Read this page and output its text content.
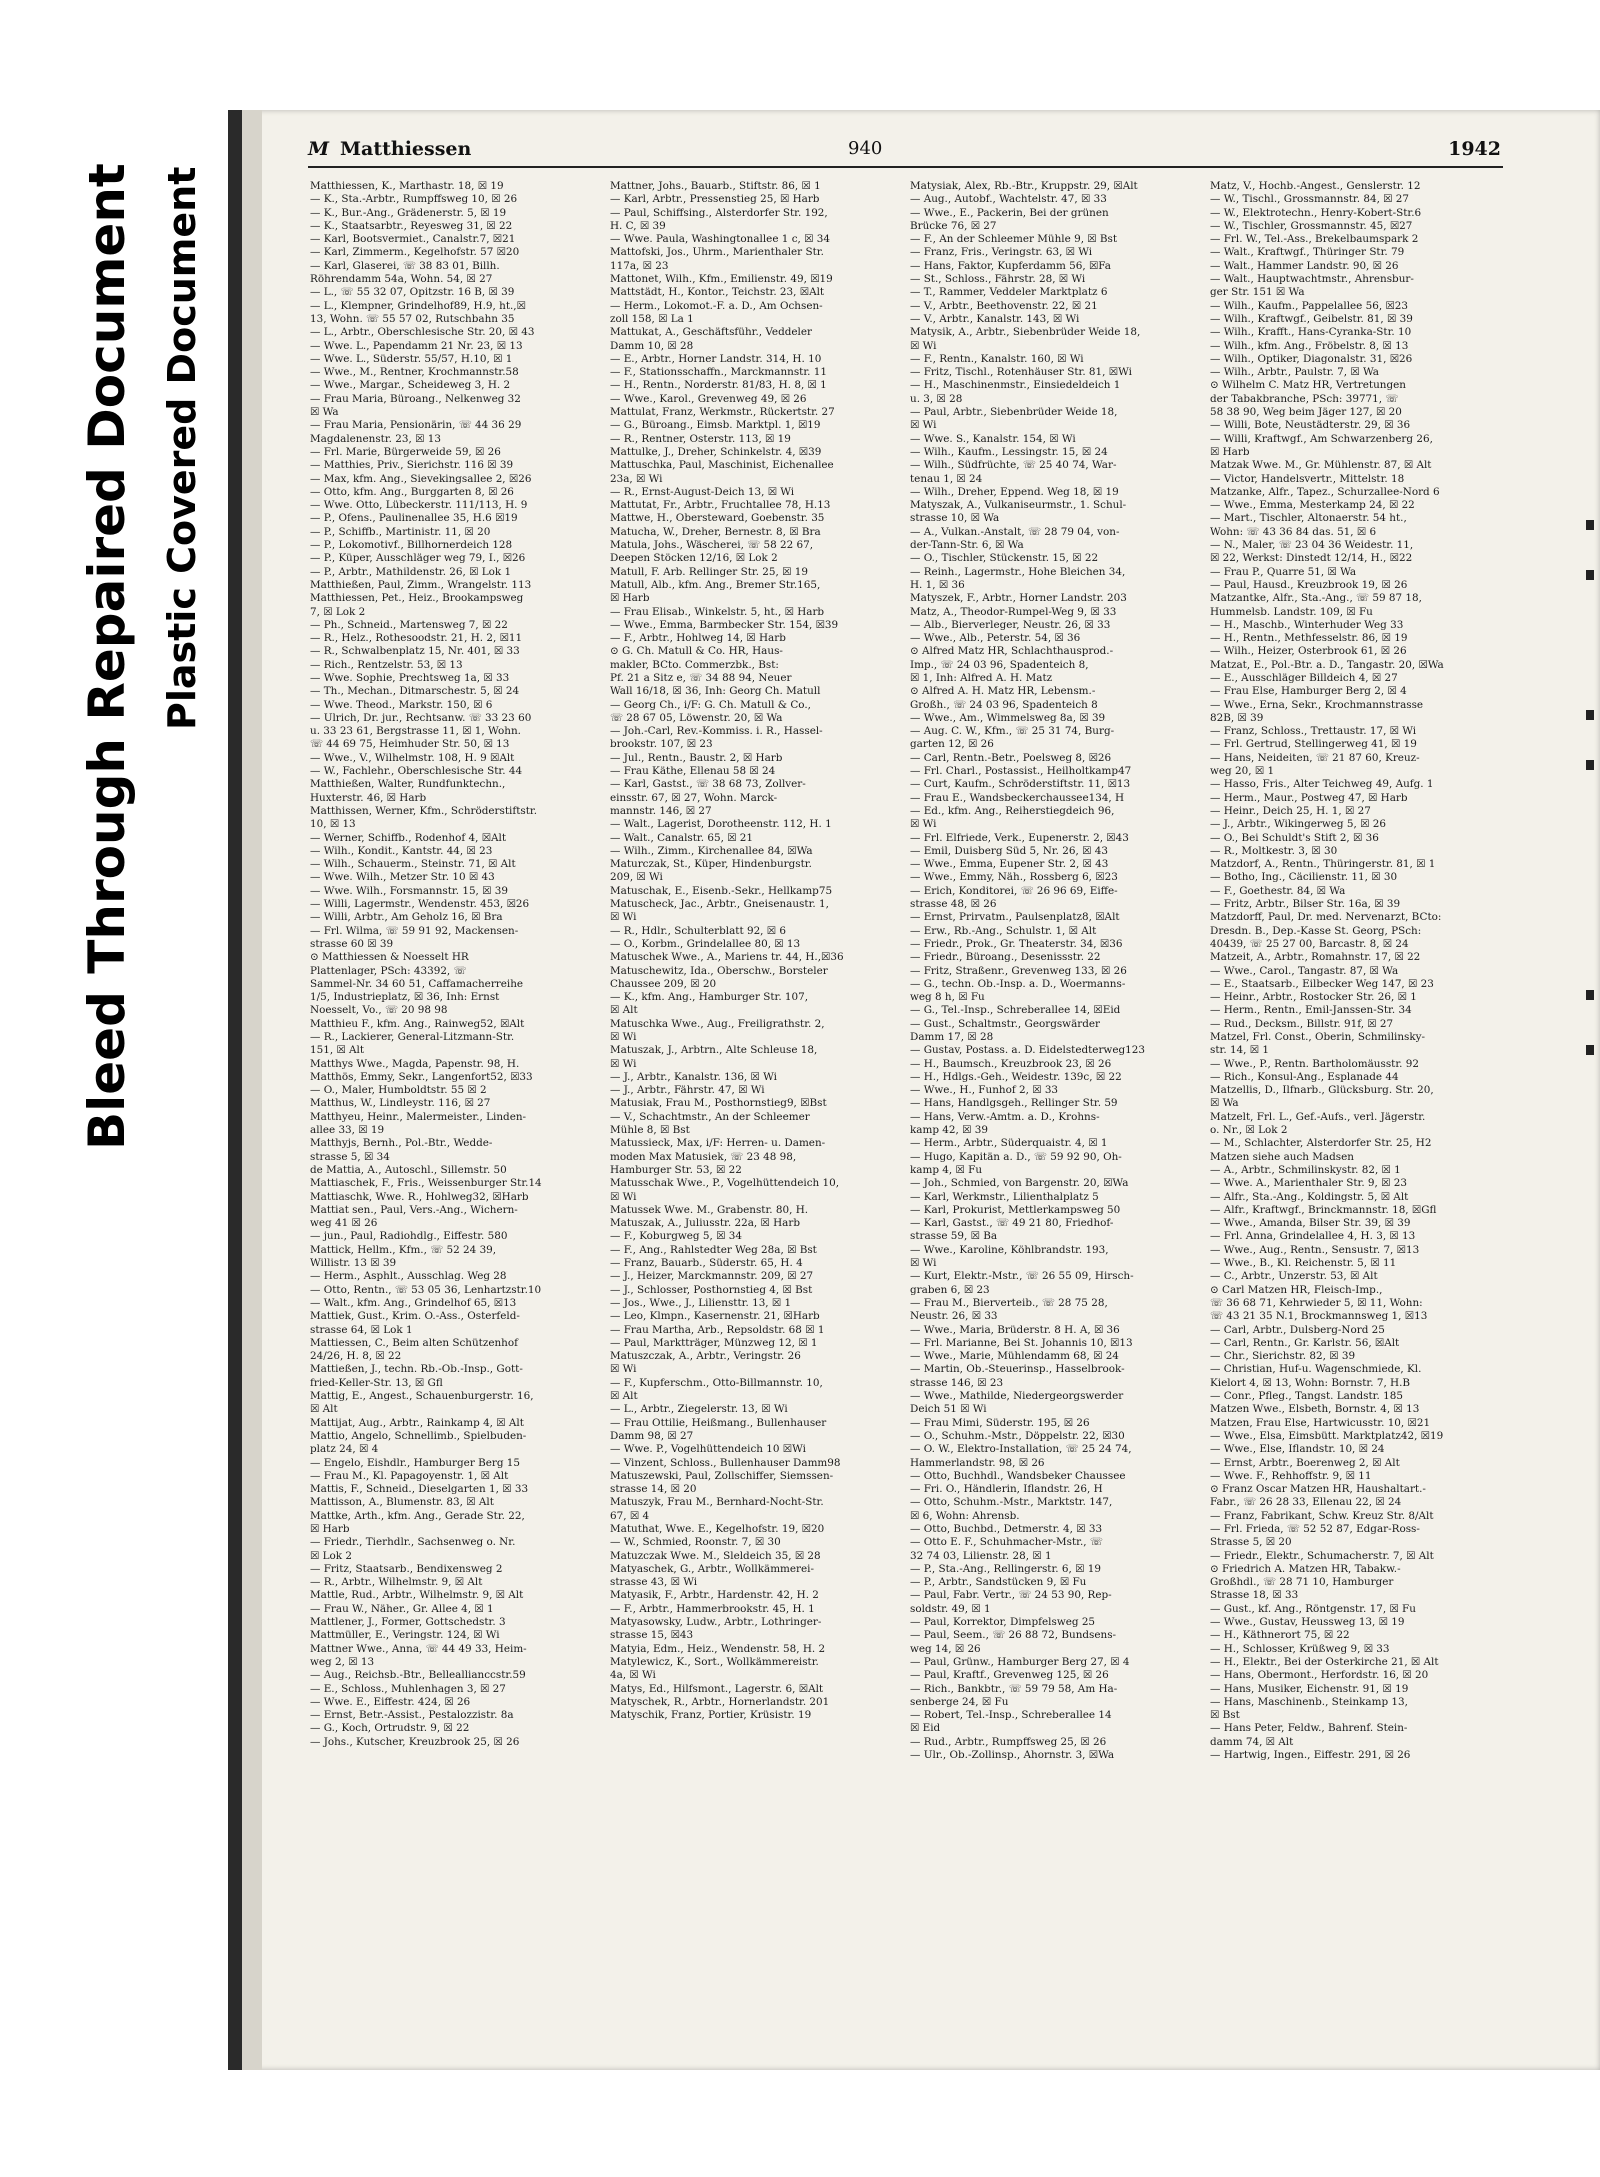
Bleed Through Repaired Document Plastic Covered Document
M Matthiessen	940	1942
Matthiessen, K., Marthastr. 18, ☒ 19
— K., Sta.-Arbtr., Rumpffsweg 10, ☒ 26
— K., Bur.-Ang., Grädenerstr. 5, ☒ 19
— K., Staatsarbtr., Reyesweg 31, ☒ 22
— Karl, Bootsvermiet., Canalstr.7, ☒21
— Karl, Zimmerm., Kegelhofstr. 57 ☒20
— Karl, Glaserei, ☏ 38 83 01, Billh.
Röhrendamm 54a, Wohn. 54, ☒ 27
— L., ☏ 55 32 07, Opitzstr. 16 B, ☒ 39
— L., Klempner, Grindelhof89, H.9, ht.,☒
13, Wohn. ☏ 55 57 02, Rutschbahn 35
— L., Arbtr., Oberschlesische Str. 20, ☒ 43
— Wwe. L., Papendamm 21 Nr. 23, ☒ 13
— Wwe. L., Süderstr. 55/57, H.10, ☒ 1
— Wwe., M., Rentner, Krochmannstr.58
— Wwe., Margar., Scheideweg 3, H. 2
— Frau Maria, Büroang., Nelkenweg 32
☒ Wa
— Frau Maria, Pensionärin, ☏ 44 36 29
Magdalenenstr. 23, ☒ 13
— Frl. Marie, Bürgerweide 59, ☒ 26
— Matthies, Priv., Sierichstr. 116 ☒ 39
— Max, kfm. Ang., Sievekingsallee 2, ☒26
— Otto, kfm. Ang., Burggarten 8, ☒ 26
— Wwe. Otto, Lübeckerstr. 111/113, H. 9
— P., Ofens., Paulinenallee 35, H.6 ☒19
— P., Schiffb., Martinistr. 11, ☒ 20
— P., Lokomotivf., Billhornerdeich 128
— P., Küper, Ausschläger weg 79, I., ☒26
— P., Arbtr., Mathildenstr. 26, ☒ Lok 1
Matthießen, Paul, Zimm., Wrangelstr. 113
Matthiessen, Pet., Heiz., Brookampsweg
7, ☒ Lok 2
— Ph., Schneid., Martensweg 7, ☒ 22
— R., Helz., Rothesoodstr. 21, H. 2, ☒11
— R., Schwalbenplatz 15, Nr. 401, ☒ 33
— Rich., Rentzelstr. 53, ☒ 13
— Wwe. Sophie, Prechtsweg 1a, ☒ 33
— Th., Mechan., Ditmarschestr. 5, ☒ 24
— Wwe. Theod., Markstr. 150, ☒ 6
— Ulrich, Dr. jur., Rechtsanw. ☏ 33 23 60
u. 33 23 61, Bergstrasse 11, ☒ 1, Wohn.
☏ 44 69 75, Heimhuder Str. 50, ☒ 13
— Wwe., V., Wilhelmstr. 108, H. 9 ☒Alt
— W., Fachlehr., Oberschlesische Str. 44
Matthießen, Walter, Rundfunktechn.,
Huxterstr. 46, ☒ Harb
Matthissen, Werner, Kfm., Schröderstiftstr.
10, ☒ 13
— Werner, Schiffb., Rodenhof 4, ☒Alt
— Wilh., Kondit., Kantstr. 44, ☒ 23
— Wilh., Schauerm., Steinstr. 71, ☒ Alt
— Wwe. Wilh., Metzer Str. 10 ☒ 43
— Wwe. Wilh., Forsmannstr. 15, ☒ 39
— Willi, Lagermstr., Wendenstr. 453, ☒26
— Willi, Arbtr., Am Geholz 16, ☒ Bra
— Frl. Wilma, ☏ 59 91 92, Mackensen-
strasse 60 ☒ 39
⊙ Matthiessen & Noesselt HR
Plattenlager, PSch: 43392, ☏
Sammel-Nr. 34 60 51, Caffamacherreihe
1/5, Industrieplatz, ☒ 36, Inh: Ernst
Noesselt, Vo., ☏ 20 98 98
Matthieu F., kfm. Ang., Rainweg52, ☒Alt
— R., Lackierer, General-Litzmann-Str.
151, ☒ Alt
Matthys Wwe., Magda, Papenstr. 98, H.
Matthös, Emmy, Sekr., Langenfort52, ☒33
— O., Maler, Humboldtstr. 55 ☒ 2
Matthus, W., Lindleystr. 116, ☒ 27
Matthyeu, Heinr., Malermeister., Linden-
allee 33, ☒ 19
Matthyjs, Bernh., Pol.-Btr., Wedde-
strasse 5, ☒ 34
de Mattia, A., Autoschl., Sillemstr. 50
Mattiaschek, F., Fris., Weissenburger Str.14
Mattiaschk, Wwe. R., Hohlweg32, ☒Harb
Mattiat sen., Paul, Vers.-Ang., Wichern-
weg 41 ☒ 26
— jun., Paul, Radiohdlg., Eiffestr. 580
Mattick, Hellm., Kfm., ☏ 52 24 39,
Willistr. 13 ☒ 39
— Herm., Asphlt., Ausschlag. Weg 28
— Otto, Rentn., ☏ 53 05 36, Lenhartzstr.10
— Walt., kfm. Ang., Grindelhof 65, ☒13
Mattiek, Gust., Krim. O.-Ass., Osterfeld-
strasse 64, ☒ Lok 1
Mattiessen, C., Beim alten Schützenhof
24/26, H. 8, ☒ 22
Mattießen, J., techn. Rb.-Ob.-Insp., Gott-
fried-Keller-Str. 13, ☒ Gfl
Mattig, E., Angest., Schauenburgerstr. 16,
☒ Alt
Mattijat, Aug., Arbtr., Rainkamp 4, ☒ Alt
Mattio, Angelo, Schnellimb., Spielbuden-
platz 24, ☒ 4
— Engelo, Eishdlr., Hamburger Berg 15
— Frau M., Kl. Papagoyenstr. 1, ☒ Alt
Mattis, F., Schneid., Dieselgarten 1, ☒ 33
Mattisson, A., Blumenstr. 83, ☒ Alt
Mattke, Arth., kfm. Ang., Gerade Str. 22,
☒ Harb
— Friedr., Tierhdlr., Sachsenweg o. Nr.
☒ Lok 2
— Fritz, Staatsarb., Bendixensweg 2
— R., Arbtr., Wilhelmstr. 9, ☒ Alt
Mattle, Rud., Arbtr., Wilhelmstr. 9, ☒ Alt
— Frau W., Näher., Gr. Allee 4, ☒ 1
Mattlener, J., Former, Gottschedstr. 3
Mattmüller, E., Veringstr. 124, ☒ Wi
Mattner Wwe., Anna, ☏ 44 49 33, Heim-
weg 2, ☒ 13
— Aug., Reichsb.-Btr., Belleallianccstr.59
— E., Schloss., Muhlenhagen 3, ☒ 27
— Wwe. E., Eiffestr. 424, ☒ 26
— Ernst, Betr.-Assist., Pestalozzistr. 8a
— G., Koch, Ortrudstr. 9, ☒ 22
— Johs., Kutscher, Kreuzbrook 25, ☒ 26
Mattner, Johs., Bauarb., Stiftstr. 86, ☒ 1
— Karl, Arbtr., Pressenstieg 25, ☒ Harb
— Paul, Schiffsing., Alsterdorfer Str. 192,
H. C, ☒ 39
— Wwe. Paula, Washingtonallee 1 c, ☒ 34
Mattofski, Jos., Uhrm., Marienthaler Str.
117a, ☒ 23
Mattonet, Wilh., Kfm., Emilienstr. 49, ☒19
Mattstädt, H., Kontor., Teichstr. 23, ☒Alt
— Herm., Lokomot.-F. a. D., Am Ochsen-
zoll 158, ☒ La 1
Mattukat, A., Geschäftsführ., Veddeler
Damm 10, ☒ 28
— E., Arbtr., Horner Landstr. 314, H. 10
— F., Stationsschaffn., Marckmannstr. 11
— H., Rentn., Norderstr. 81/83, H. 8, ☒ 1
— Wwe., Karol., Grevenweg 49, ☒ 26
Mattulat, Franz, Werkmstr., Rückertstr. 27
— G., Büroang., Eimsb. Marktpl. 1, ☒19
— R., Rentner, Osterstr. 113, ☒ 19
Mattulke, J., Dreher, Schinkelstr. 4, ☒39
Mattuschka, Paul, Maschinist, Eichenallee
23a, ☒ Wi
— R., Ernst-August-Deich 13, ☒ Wi
Mattutat, Fr., Arbtr., Fruchtallee 78, H.13
Mattwe, H., Obersteward, Goebenstr. 35
Matucha, W., Dreher, Bernestr. 8, ☒ Bra
Matula, Johs., Wäscherei, ☏ 58 22 67,
Deepen Stöcken 12/16, ☒ Lok 2
Matull, F. Arb. Rellinger Str. 25, ☒ 19
Matull, Alb., kfm. Ang., Bremer Str.165,
☒ Harb
— Frau Elisab., Winkelstr. 5, ht., ☒ Harb
— Wwe., Emma, Barmbecker Str. 154, ☒39
— F., Arbtr., Hohlweg 14, ☒ Harb
⊙ G. Ch. Matull & Co. HR, Haus-
makler, BCto. Commerzbk., Bst:
Pf. 21 a Sitz e, ☏ 34 88 94, Neuer
Wall 16/18, ☒ 36, Inh: Georg Ch. Matull
— Georg Ch., i/F: G. Ch. Matull & Co.,
☏ 28 67 05, Löwenstr. 20, ☒ Wa
— Joh.-Carl, Rev.-Kommiss. i. R., Hassel-
brookstr. 107, ☒ 23
— Jul., Rentn., Baustr. 2, ☒ Harb
— Frau Käthe, Ellenau 58 ☒ 24
— Karl, Gastst., ☏ 38 68 73, Zollver-
einsstr. 67, ☒ 27, Wohn. Marck-
mannstr. 146, ☒ 27
— Walt., Lagerist, Dorotheenstr. 112, H. 1
— Walt., Canalstr. 65, ☒ 21
— Wilh., Zimm., Kirchenallee 84, ☒Wa
Maturczak, St., Küper, Hindenburgstr.
209, ☒ Wi
Matuschak, E., Eisenb.-Sekr., Hellkamp75
Matuscheck, Jac., Arbtr., Gneisenaustr. 1,
☒ Wi
— R., Hdlr., Schulterblatt 92, ☒ 6
— O., Korbm., Grindelallee 80, ☒ 13
Matuschek Wwe., A., Mariens tr. 44, H.,☒36
Matuschewitz, Ida., Oberschw., Borsteler
Chaussee 209, ☒ 20
— K., kfm. Ang., Hamburger Str. 107,
☒ Alt
Matuschka Wwe., Aug., Freiligrathstr. 2,
☒ Wi
Matuszak, J., Arbtrn., Alte Schleuse 18,
☒ Wi
— J., Arbtr., Kanalstr. 136, ☒ Wi
— J., Arbtr., Fährstr. 47, ☒ Wi
Matusiak, Frau M., Posthornstieg9, ☒Bst
— V., Schachtmstr., An der Schleemer
Mühle 8, ☒ Bst
Matussieck, Max, i/F: Herren- u. Damen-
moden Max Matusiek, ☏ 23 48 98,
Hamburger Str. 53, ☒ 22
Matusschak Wwe., P., Vogelhüttendeich 10,
☒ Wi
Matussek Wwe. M., Grabenstr. 80, H.
Matuszak, A., Juliusstr. 22a, ☒ Harb
— F., Koburgweg 5, ☒ 34
— F., Ang., Rahlstedter Weg 28a, ☒ Bst
— Franz, Bauarb., Süderstr. 65, H. 4
— J., Heizer, Marckmannstr. 209, ☒ 27
— J., Schlosser, Posthornstieg 4, ☒ Bst
— Jos., Wwe., J., Liliensttr. 13, ☒ 1
— Leo, Klmpn., Kasernenstr. 21, ☒Harb
— Frau Martha, Arb., Repsoldstr. 68 ☒ 1
— Paul, Marktträger, Münzweg 12, ☒ 1
Matuszczak, A., Arbtr., Veringstr. 26
☒ Wi
— F., Kupferschm., Otto-Billmannstr. 10,
☒ Alt
— L., Arbtr., Ziegelerstr. 13, ☒ Wi
— Frau Ottilie, Heißmang., Bullenhauser
Damm 98, ☒ 27
— Wwe. P., Vogelhüttendeich 10 ☒Wi
— Vinzent, Schloss., Bullenhauser Damm98
Matuszewski, Paul, Zollschiffer, Siemssen-
strasse 14, ☒ 20
Matuszyk, Frau M., Bernhard-Nocht-Str.
67, ☒ 4
Matuthat, Wwe. E., Kegelhofstr. 19, ☒20
— W., Schmied, Roonstr. 7, ☒ 30
Matuzczak Wwe. M., Sleldeich 35, ☒ 28
Matyaschek, G., Arbtr., Wollkämmerei-
strasse 43, ☒ Wi
Matyasik, F., Arbtr., Hardenstr. 42, H. 2
— F., Arbtr., Hammerbrookstr. 45, H. 1
Matyasowsky, Ludw., Arbtr., Lothringer-
strasse 15, ☒43
Matyia, Edm., Heiz., Wendenstr. 58, H. 2
Matylewicz, K., Sort., Wollkämmereistr.
4a, ☒ Wi
Matys, Ed., Hilfsmont., Lagerstr. 6, ☒Alt
Matyschek, R., Arbtr., Hornerlandstr. 201
Matyschik, Franz, Portier, Krüsistr. 19
Matysiak, Alex, Rb.-Btr., Kruppstr. 29, ☒Alt
— Aug., Autobf., Wachtelstr. 47, ☒ 33
— Wwe., E., Packerin, Bei der grünen
Brücke 76, ☒ 27
— F., An der Schleemer Mühle 9, ☒ Bst
— Franz, Fris., Veringstr. 63, ☒ Wi
— Hans, Faktor, Kupferdamm 56, ☒Fa
— St., Schloss., Fährstr. 28, ☒ Wi
— T., Rammer, Veddeler Marktplatz 6
— V., Arbtr., Beethovenstr. 22, ☒ 21
— V., Arbtr., Kanalstr. 143, ☒ Wi
Matysik, A., Arbtr., Siebenbrüder Weide 18,
☒ Wi
— F., Rentn., Kanalstr. 160, ☒ Wi
— Fritz, Tischl., Rotenhäuser Str. 81, ☒Wi
— H., Maschinenmstr., Einsiedeldeich 1
u. 3, ☒ 28
— Paul, Arbtr., Siebenbrüder Weide 18,
☒ Wi
— Wwe. S., Kanalstr. 154, ☒ Wi
— Wilh., Kaufm., Lessingstr. 15, ☒ 24
— Wilh., Südfrüchte, ☏ 25 40 74, War-
tenau 1, ☒ 24
— Wilh., Dreher, Eppend. Weg 18, ☒ 19
Matyszak, A., Vulkaniseurmstr., 1. Schul-
strasse 10, ☒ Wa
— A., Vulkan.-Anstalt, ☏ 28 79 04, von-
der-Tann-Str. 6, ☒ Wa
— O., Tischler, Stückenstr. 15, ☒ 22
— Reinh., Lagermstr., Hohe Bleichen 34,
H. 1, ☒ 36
Matyszek, F., Arbtr., Horner Landstr. 203
Matz, A., Theodor-Rumpel-Weg 9, ☒ 33
— Alb., Bierverleger, Neustr. 26, ☒ 33
— Wwe., Alb., Peterstr. 54, ☒ 36
⊙ Alfred Matz HR, Schlachthausprod.-
Imp., ☏ 24 03 96, Spadenteich 8,
☒ 1, Inh: Alfred A. H. Matz
⊙ Alfred A. H. Matz HR, Lebensm.-
Großh., ☏ 24 03 96, Spadenteich 8
— Wwe., Am., Wimmelsweg 8a, ☒ 39
— Aug. C. W., Kfm., ☏ 25 31 74, Burg-
garten 12, ☒ 26
— Carl, Rentn.-Betr., Poelsweg 8, ☒26
— Frl. Charl., Postassist., Heilholtkamp47
— Curt, Kaufm., Schröderstiftstr. 11, ☒13
— Frau E., Wandsbeckerchaussee134, H
— Ed., kfm. Ang., Reiherstiegdeich 96,
☒ Wi
— Frl. Elfriede, Verk., Eupenerstr. 2, ☒43
— Emil, Duisberg Süd 5, Nr. 26, ☒ 43
— Wwe., Emma, Eupener Str. 2, ☒ 43
— Wwe., Emmy, Näh., Rossberg 6, ☒23
— Erich, Konditorei, ☏ 26 96 69, Eiffe-
strasse 48, ☒ 26
— Ernst, Prirvatm., Paulsenplatz8, ☒Alt
— Erw., Rb.-Ang., Schulstr. 1, ☒ Alt
— Friedr., Prok., Gr. Theaterstr. 34, ☒36
— Friedr., Büroang., Desenissstr. 22
— Fritz, Straßenr., Grevenweg 133, ☒ 26
— G., techn. Ob.-Insp. a. D., Woermanns-
weg 8 h, ☒ Fu
— G., Tel.-Insp., Schreberallee 14, ☒Eid
— Gust., Schaltmstr., Georgswärder
Damm 17, ☒ 28
— Gustav, Postass. a. D. Eidelstedterweg123
— H., Baumsch., Kreuzbrook 23, ☒ 26
— H., Hdlgs.-Geh., Weidestr. 139c, ☒ 22
— Wwe., H., Funhof 2, ☒ 33
— Hans, Handlgsgeh., Rellinger Str. 59
— Hans, Verw.-Amtm. a. D., Krohns-
kamp 42, ☒ 39
— Herm., Arbtr., Süderquaistr. 4, ☒ 1
— Hugo, Kapitän a. D., ☏ 59 92 90, Oh-
kamp 4, ☒ Fu
— Joh., Schmied, von Bargenstr. 20, ☒Wa
— Karl, Werkmstr., Lilienthalplatz 5
— Karl, Prokurist, Mettlerkampsweg 50
— Karl, Gastst., ☏ 49 21 80, Friedhof-
strasse 59, ☒ Ba
— Wwe., Karoline, Köhlbrandstr. 193,
☒ Wi
— Kurt, Elektr.-Mstr., ☏ 26 55 09, Hirsch-
graben 6, ☒ 23
— Frau M., Bierverteib., ☏ 28 75 28,
Neustr. 26, ☒ 33
— Wwe., Maria, Brüderstr. 8 H. A, ☒ 36
— Frl. Marianne, Bei St. Johannis 10, ☒13
— Wwe., Marie, Mühlendamm 68, ☒ 24
— Martin, Ob.-Steuerinsp., Hasselbrook-
strasse 146, ☒ 23
— Wwe., Mathilde, Niedergeorgswerder
Deich 51 ☒ Wi
— Frau Mimi, Süderstr. 195, ☒ 26
— O., Schuhm.-Mstr., Döppelstr. 22, ☒30
— O. W., Elektro-Installation, ☏ 25 24 74,
Hammerlandstr. 98, ☒ 26
— Otto, Buchhdl., Wandsbeker Chaussee
— Fri. O., Händlerin, Iflandstr. 26, H
— Otto, Schuhm.-Mstr., Marktstr. 147,
☒ 6, Wohn: Ahrensb.
— Otto, Buchbd., Detmerstr. 4, ☒ 33
— Otto E. F., Schuhmacher-Mstr., ☏
32 74 03, Lilienstr. 28, ☒ 1
— P., Sta.-Ang., Rellingerstr. 6, ☒ 19
— P., Arbtr., Sandstücken 9, ☒ Fu
— Paul, Fabr. Vertr., ☏ 24 53 90, Rep-
soldstr. 49, ☒ 1
— Paul, Korrektor, Dimpfelsweg 25
— Paul, Seem., ☏ 26 88 72, Bundsens-
weg 14, ☒ 26
— Paul, Grünw., Hamburger Berg 27, ☒ 4
— Paul, Kraftf., Grevenweg 125, ☒ 26
— Rich., Bankbtr., ☏ 59 79 58, Am Ha-
senberge 24, ☒ Fu
— Robert, Tel.-Insp., Schreberallee 14
☒ Eid
— Rud., Arbtr., Rumpffsweg 25, ☒ 26
— Ulr., Ob.-Zollinsp., Ahornstr. 3, ☒Wa
Matz, V., Hochb.-Angest., Genslerstr. 12
— W., Tischl., Grossmannstr. 84, ☒ 27
— W., Elektrotechn., Henry-Kobert-Str.6
— W., Tischler, Grossmannstr. 45, ☒27
— Frl. W., Tel.-Ass., Brekelbaumspark 2
— Walt., Kraftwgf., Thüringer Str. 79
— Walt., Hammer Landstr. 90, ☒ 26
— Walt., Hauptwachtmstr., Ahrensbur-
ger Str. 151 ☒ Wa
— Wilh., Kaufm., Pappelallee 56, ☒23
— Wilh., Kraftwgf., Geibelstr. 81, ☒ 39
— Wilh., Krafft., Hans-Cyranka-Str. 10
— Wilh., kfm. Ang., Fröbelstr. 8, ☒ 13
— Wilh., Optiker, Diagonalstr. 31, ☒26
— Wilh., Arbtr., Paulstr. 7, ☒ Wa
⊙ Wilhelm C. Matz HR, Vertretungen
der Tabakbranche, PSch: 39771, ☏
58 38 90, Weg beim Jäger 127, ☒ 20
— Willi, Bote, Neustädterstr. 29, ☒ 36
— Willi, Kraftwgf., Am Schwarzenberg 26,
☒ Harb
Matzak Wwe. M., Gr. Mühlenstr. 87, ☒ Alt
— Victor, Handelsvertr., Mittelstr. 18
Matzanke, Alfr., Tapez., Schurzallee-Nord 6
— Wwe., Emma, Mesterkamp 24, ☒ 22
— Mart., Tischler, Altonaerstr. 54 ht.,
Wohn: ☏ 43 36 84 das. 51, ☒ 6
— N., Maler, ☏ 23 04 36 Weidestr. 11,
☒ 22, Werkst: Dinstedt 12/14, H., ☒22
— Frau P., Quarre 51, ☒ Wa
— Paul, Hausd., Kreuzbrook 19, ☒ 26
Matzantke, Alfr., Sta.-Ang., ☏ 59 87 18,
Hummelsb. Landstr. 109, ☒ Fu
— H., Maschb., Winterhuder Weg 33
— H., Rentn., Methfesselstr. 86, ☒ 19
— Wilh., Heizer, Osterbrook 61, ☒ 26
Matzat, E., Pol.-Btr. a. D., Tangastr. 20, ☒Wa
— E., Ausschläger Billdeich 4, ☒ 27
— Frau Else, Hamburger Berg 2, ☒ 4
— Wwe., Erna, Sekr., Krochmannstrasse
82B, ☒ 39
— Franz, Schloss., Trettaustr. 17, ☒ Wi
— Frl. Gertrud, Stellingerweg 41, ☒ 19
— Hans, Neideiten, ☏ 21 87 60, Kreuz-
weg 20, ☒ 1
— Hasso, Fris., Alter Teichweg 49, Aufg. 1
— Herm., Maur., Postweg 47, ☒ Harb
— Heinr., Deich 25, H. 1, ☒ 27
— J., Arbtr., Wikingerweg 5, ☒ 26
— O., Bei Schuldt's Stift 2, ☒ 36
— R., Moltkestr. 3, ☒ 30
Matzdorf, A., Rentn., Thüringerstr. 81, ☒ 1
— Botho, Ing., Cäcilienstr. 11, ☒ 30
— F., Goethestr. 84, ☒ Wa
— Fritz, Arbtr., Bilser Str. 16a, ☒ 39
Matzdorff, Paul, Dr. med. Nervenarzt, BCto:
Dresdn. B., Dep.-Kasse St. Georg, PSch:
40439, ☏ 25 27 00, Barcastr. 8, ☒ 24
Matzeit, A., Arbtr., Romahnstr. 17, ☒ 22
— Wwe., Carol., Tangastr. 87, ☒ Wa
— E., Staatsarb., Eilbecker Weg 147, ☒ 23
— Heinr., Arbtr., Rostocker Str. 26, ☒ 1
— Herm., Rentn., Emil-Janssen-Str. 34
— Rud., Decksm., Billstr. 91f, ☒ 27
Matzel, Frl. Const., Oberin, Schmilinsky-
str. 14, ☒ 1
— Wwe., P., Rentn. Bartholomäusstr. 92
— Rich., Konsul-Ang., Esplanade 44
Matzellis, D., Ilfnarb., Glücksburg. Str. 20,
☒ Wa
Matzelt, Frl. L., Gef.-Aufs., verl. Jägerstr.
o. Nr., ☒ Lok 2
— M., Schlachter, Alsterdorfer Str. 25, H2
Matzen siehe auch Madsen
— A., Arbtr., Schmilinskystr. 82, ☒ 1
— Wwe. A., Marienthaler Str. 9, ☒ 23
— Alfr., Sta.-Ang., Koldingstr. 5, ☒ Alt
— Alfr., Kraftwgf., Brinckmannstr. 18, ☒Gfl
— Wwe., Amanda, Bilser Str. 39, ☒ 39
— Frl. Anna, Grindelallee 4, H. 3, ☒ 13
— Wwe., Aug., Rentn., Sensustr. 7, ☒13
— Wwe., B., Kl. Reichenstr. 5, ☒ 11
— C., Arbtr., Unzerstr. 53, ☒ Alt
⊙ Carl Matzen HR, Fleisch-Imp.,
☏ 36 68 71, Kehrwieder 5, ☒ 11, Wohn:
☏ 43 21 35 N.1, Brockmannsweg 1, ☒13
— Carl, Arbtr., Dulsberg-Nord 25
— Carl, Rentn., Gr. Karlstr. 56, ☒Alt
— Chr., Sierichstr. 82, ☒ 39
— Christian, Huf-u. Wagenschmiede, Kl.
Kielort 4, ☒ 13, Wohn: Bornstr. 7, H.B
— Conr., Pfleg., Tangst. Landstr. 185
Matzen Wwe., Elsbeth, Bornstr. 4, ☒ 13
Matzen, Frau Else, Hartwicusstr. 10, ☒21
— Wwe., Elsa, Eimsbütt. Marktplatz42, ☒19
— Wwe., Else, Iflandstr. 10, ☒ 24
— Ernst, Arbtr., Boerenweg 2, ☒ Alt
— Wwe. F., Rehhoffstr. 9, ☒ 11
⊙ Franz Oscar Matzen HR, Haushaltart.-
Fabr., ☏ 26 28 33, Ellenau 22, ☒ 24
— Franz, Fabrikant, Schw. Kreuz Str. 8/Alt
— Frl. Frieda, ☏ 52 52 87, Edgar-Ross-
Strasse 5, ☒ 20
— Friedr., Elektr., Schumacherstr. 7, ☒ Alt
⊙ Friedrich A. Matzen HR, Tabakw.-
Großhdl., ☏ 28 71 10, Hamburger
Strasse 18, ☒ 33
— Gust., kf. Ang., Röntgenstr. 17, ☒ Fu
— Wwe., Gustav, Heussweg 13, ☒ 19
— H., Käthnerort 75, ☒ 22
— H., Schlosser, Krüßweg 9, ☒ 33
— H., Elektr., Bei der Osterkirche 21, ☒ Alt
— Hans, Obermont., Herfordstr. 16, ☒ 20
— Hans, Musiker, Eichenstr. 91, ☒ 19
— Hans, Maschinenb., Steinkamp 13,
☒ Bst
— Hans Peter, Feldw., Bahrenf. Stein-
damm 74, ☒ Alt
— Hartwig, Ingen., Eiffestr. 291, ☒ 26
